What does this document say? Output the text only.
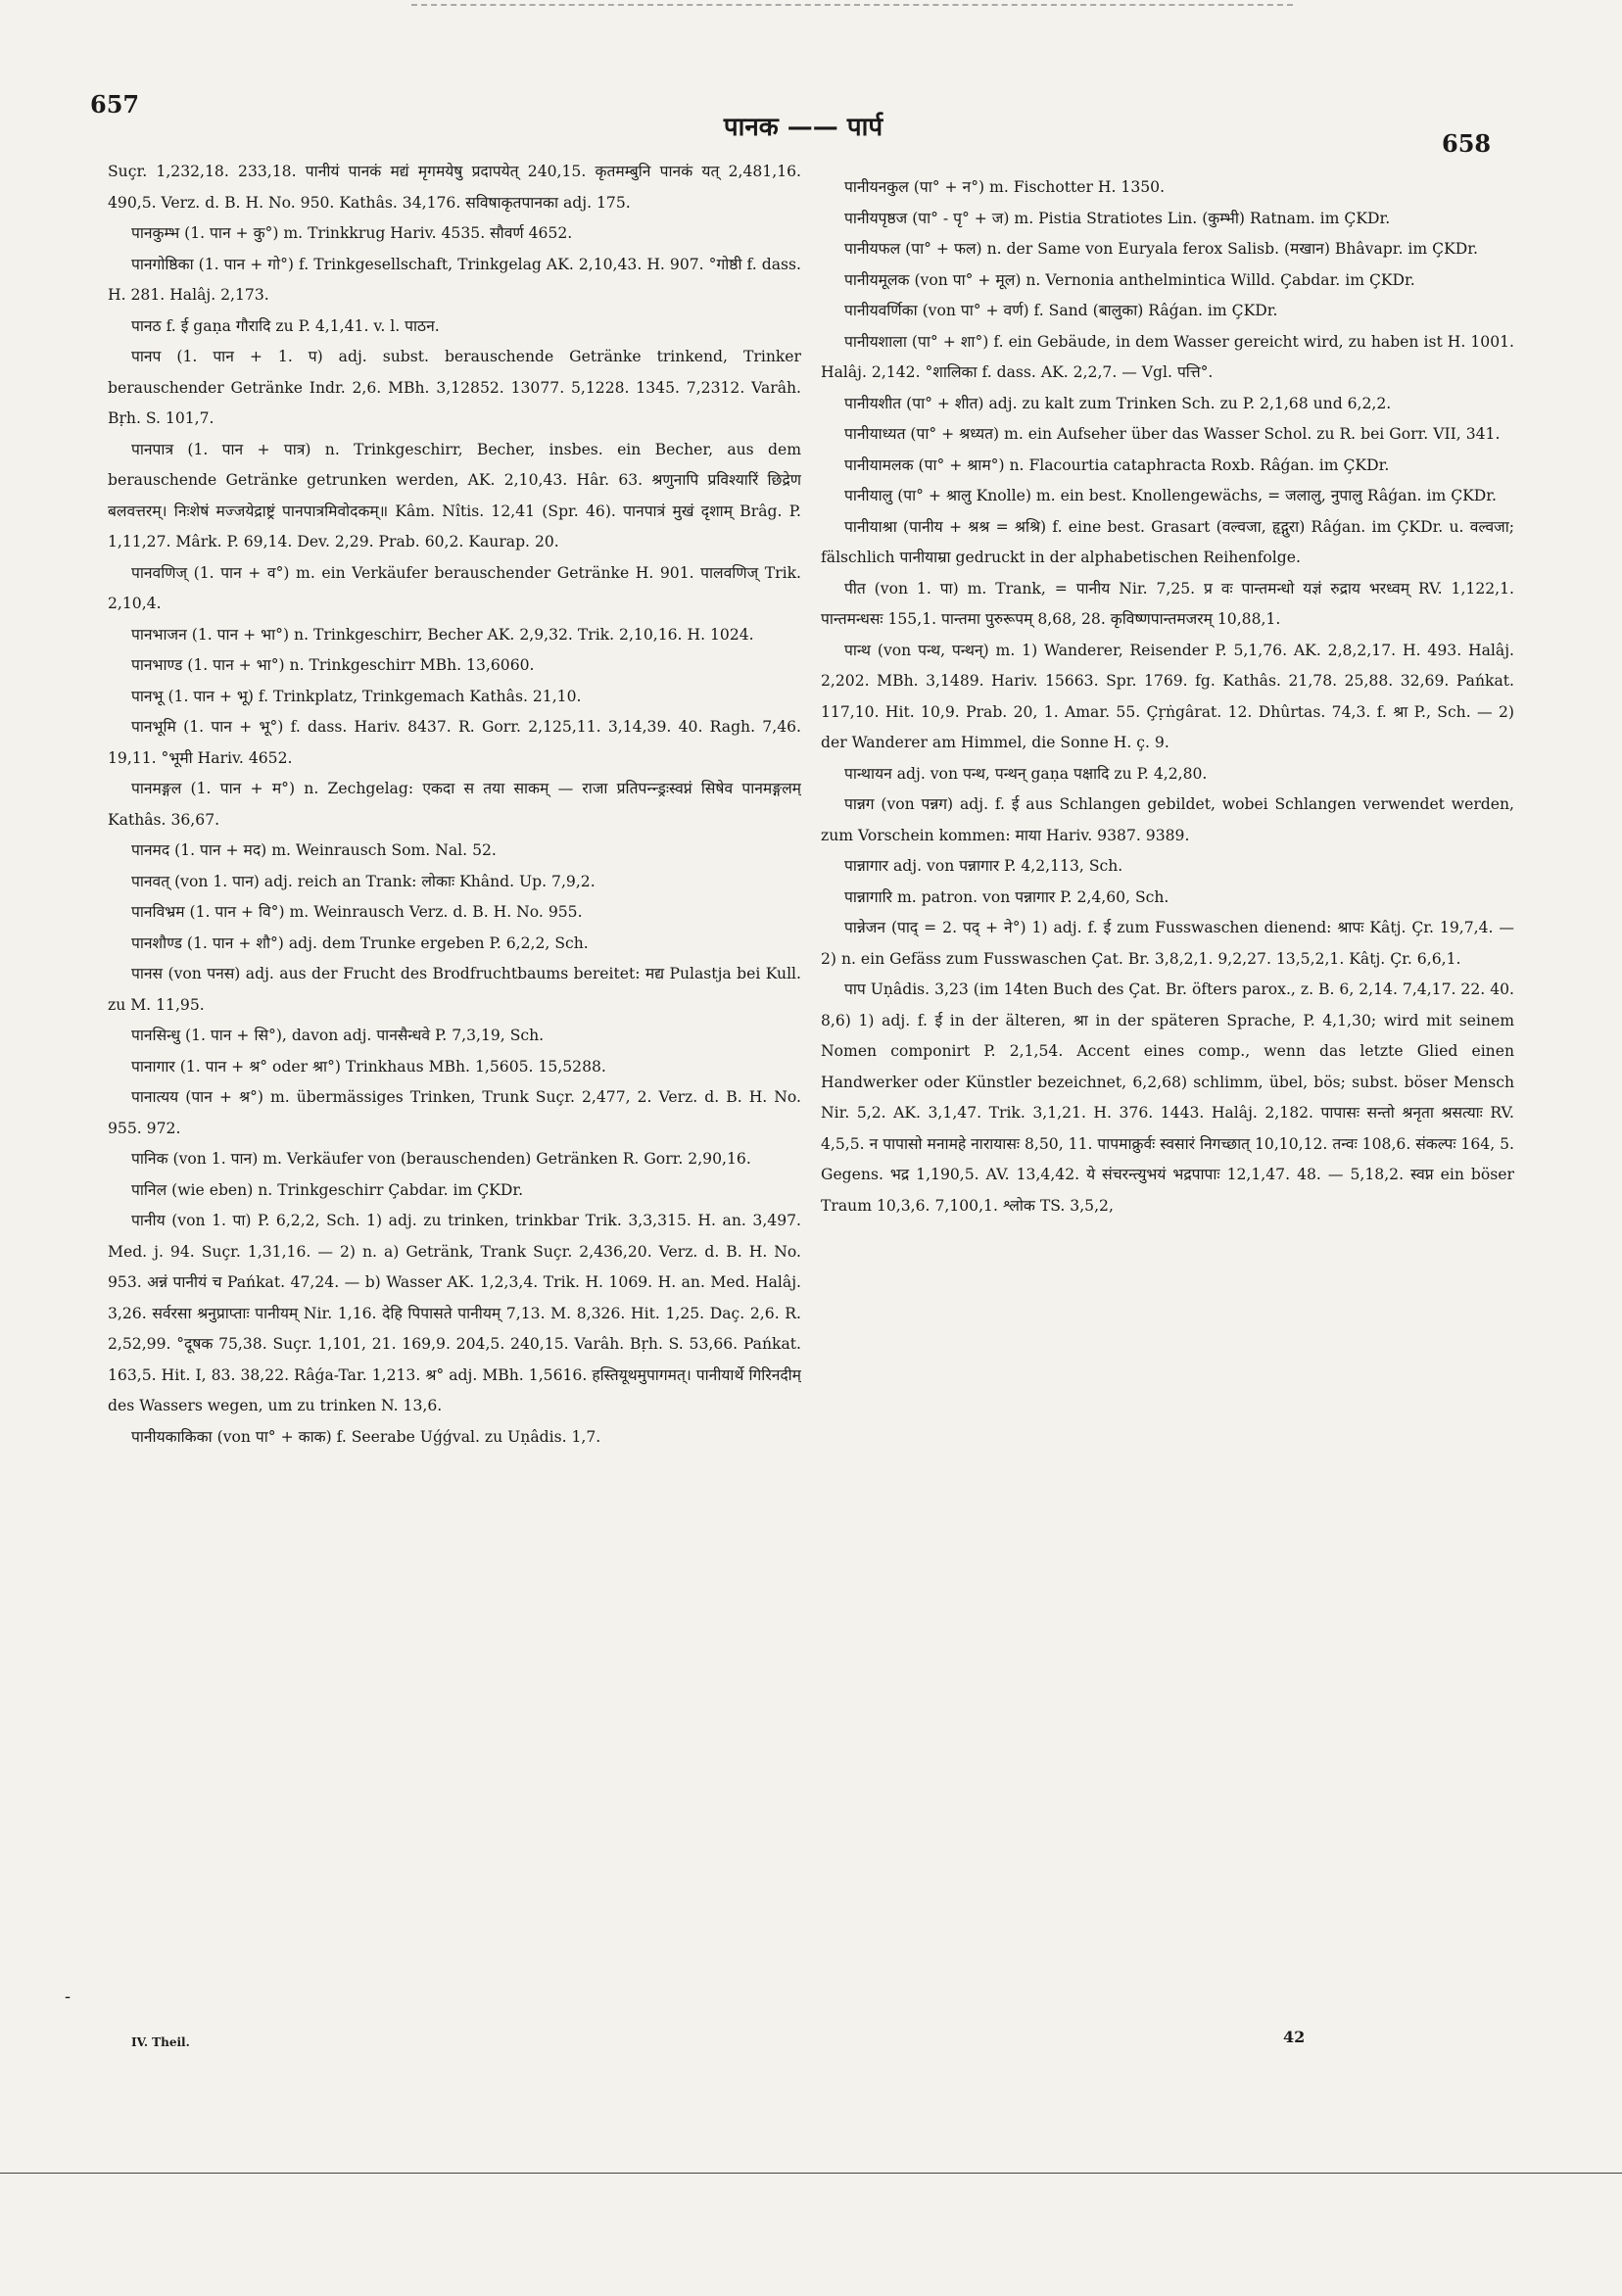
657
पानक —— पार्प
658

Suçr. 1,232,18. 233,18. पानीयं पानकं मद्यं मृगमयेषु प्रदापयेत् 240,15. कृतमम्बुनि पानकं यत् 2,481,16. 490,5. Verz. d. B. H. No. 950. Kathâs. 34,176. सविषाकृतपानका adj. 175.

पानकुम्भ (1. पान + कु°) m. Trinkkrug Hariv. 4535. सौवर्ण 4652.

पानगोष्ठिका (1. पान + गो°) f. Trinkgesellschaft, Trinkgelag AK. 2,10,43. H. 907. °गोष्ठी f. dass. H. 281. Halâj. 2,173.

पानठ f. ई gaṇa गौरादि zu P. 4,1,41. v. l. पाठन.

पानप (1. पान + 1. प) adj. subst. berauschende Getränke trinkend, Trinker berauschender Getränke Indr. 2,6. MBh. 3,12852. 13077. 5,1228. 1345. 7,2312. Varâh. Bṛh. S. 101,7.

पानपात्र (1. पान + पात्र) n. Trinkgeschirr, Becher, insbes. ein Becher, aus dem berauschende Getränke getrunken werden, AK. 2,10,43. Hâr. 63. श्रणुनापि प्रविश्यारिं छिद्रेण बलवत्तरम्। निःशेषं मज्जयेद्राष्ट्रं पानपात्रमिवोदकम्॥ Kâm. Nîtis. 12,41 (Spr. 46). पानपात्रं मुखं दृशाम् Brâg. P. 1,11,27. Mârk. P. 69,14. Dev. 2,29. Prab. 60,2. Kaurap. 20.

पानवणिज् (1. पान + व°) m. ein Verkäufer berauschender Getränke H. 901. पालवणिज् Trik. 2,10,4.

पानभाजन (1. पान + भा°) n. Trinkgeschirr, Becher AK. 2,9,32. Trik. 2,10,16. H. 1024.

पानभाण्ड (1. पान + भा°) n. Trinkgeschirr MBh. 13,6060.

पानभू (1. पान + भू) f. Trinkplatz, Trinkgemach Kathâs. 21,10.

पानभूमि (1. पान + भू°) f. dass. Hariv. 8437. R. Gorr. 2,125,11. 3,14,39. 40. Ragh. 7,46. 19,11. °भूमी Hariv. 4652.

पानमङ्गल (1. पान + म°) n. Zechgelag: एकदा स तया साकम् — राजा प्रतिपन्न्ड्रःस्वप्नं सिषेव पानमङ्गलम् Kathâs. 36,67.

पानमद (1. पान + मद) m. Weinrausch Som. Nal. 52.

पानवत् (von 1. पान) adj. reich an Trank: लोकाः Khând. Up. 7,9,2.

पानविभ्रम (1. पान + वि°) m. Weinrausch Verz. d. B. H. No. 955.

पानशौण्ड (1. पान + शौ°) adj. dem Trunke ergeben P. 6,2,2, Sch.

पानस (von पनस) adj. aus der Frucht des Brodfruchtbaums bereitet: मद्य Pulastja bei Kull. zu M. 11,95.

पानसिन्धु (1. पान + सि°), davon adj. पानसैन्धवे P. 7,3,19, Sch.

पानागार (1. पान + श्र° oder श्रा°) Trinkhaus MBh. 1,5605. 15,5288.

पानात्यय (पान + श्र°) m. übermässiges Trinken, Trunk Suçr. 2,477, 2. Verz. d. B. H. No. 955. 972.

पानिक (von 1. पान) m. Verkäufer von (berauschenden) Getränken R. Gorr. 2,90,16.

पानिल (wie eben) n. Trinkgeschirr Çabdar. im ÇKDr.

पानीय (von 1. पा) P. 6,2,2, Sch. 1) adj. zu trinken, trinkbar Trik. 3,3,315. H. an. 3,497. Med. j. 94. Suçr. 1,31,16. — 2) n. a) Getränk, Trank Suçr. 2,436,20. Verz. d. B. H. No. 953. अन्नं पानीयं च Pańkat. 47,24. — b) Wasser AK. 1,2,3,4. Trik. H. 1069. H. an. Med. Halâj. 3,26. सर्वरसा श्रनुप्राप्ताः पानीयम् Nir. 1,16. देहि पिपासते पानीयम् 7,13. M. 8,326. Hit. 1,25. Daç. 2,6. R. 2,52,99. °दूषक 75,38. Suçr. 1,101, 21. 169,9. 204,5. 240,15. Varâh. Bṛh. S. 53,66. Pańkat. 163,5. Hit. I, 83. 38,22. Râǵa-Tar. 1,213. श्र° adj. MBh. 1,5616. हस्तियूथमुपागमत्। पानीयार्थे गिरिनदीम् des Wassers wegen, um zu trinken N. 13,6.

पानीयकाकिका (von पा° + काक) f. Seerabe Uǵǵval. zu Uṇâdis. 1,7.

पानीयनकुल (पा° + न°) m. Fischotter H. 1350.

पानीयपृष्ठज (पा° - पृ° + ज) m. Pistia Stratiotes Lin. (कुम्भी) Ratnam. im ÇKDr.

पानीयफल (पा° + फल) n. der Same von Euryala ferox Salisb. (मखान) Bhâvapr. im ÇKDr.

पानीयमूलक (von पा° + मूल) n. Vernonia anthelmintica Willd. Çabdar. im ÇKDr.

पानीयवर्णिका (von पा° + वर्ण) f. Sand (बालुका) Râǵan. im ÇKDr.

पानीयशाला (पा° + शा°) f. ein Gebäude, in dem Wasser gereicht wird, zu haben ist H. 1001. Halâj. 2,142. °शालिका f. dass. AK. 2,2,7. — Vgl. पत्ति°.

पानीयशीत (पा° + शीत) adj. zu kalt zum Trinken Sch. zu P. 2,1,68 und 6,2,2.

पानीयाध्यत (पा° + श्रध्यत) m. ein Aufseher über das Wasser Schol. zu R. bei Gorr. VII, 341.

पानीयामलक (पा° + श्राम°) n. Flacourtia cataphracta Roxb. Râǵan. im ÇKDr.

पानीयालु (पा° + श्रालु Knolle) m. ein best. Knollengewächs, = जलालु, नुपालु Râǵan. im ÇKDr.

पानीयाश्रा (पानीय + श्रश्र = श्रश्रि) f. eine best. Grasart (वल्वजा, हृद्गुरा) Râǵan. im ÇKDr. u. वल्वजा; fälschlich पानीयाम्रा gedruckt in der alphabetischen Reihenfolge.

पीत (von 1. पा) m. Trank, = पानीय Nir. 7,25. प्र वः पान्तमन्धो यज्ञं रुद्राय भरध्वम् RV. 1,122,1. पान्तमन्धसः 155,1. पान्तमा पुरुरूपम् 8,68, 28. कृविष्णपान्तमजरम् 10,88,1.

पान्थ (von पन्थ, पन्थन्) m. 1) Wanderer, Reisender P. 5,1,76. AK. 2,8,2,17. H. 493. Halâj. 2,202. MBh. 3,1489. Hariv. 15663. Spr. 1769. fg. Kathâs. 21,78. 25,88. 32,69. Pańkat. 117,10. Hit. 10,9. Prab. 20, 1. Amar. 55. Çṛṅgârat. 12. Dhûrtas. 74,3. f. श्रा P., Sch. — 2) der Wanderer am Himmel, die Sonne H. ç. 9.

पान्थायन adj. von पन्थ, पन्थन् gaṇa पक्षादि zu P. 4,2,80.

पान्नग (von पन्नग) adj. f. ई aus Schlangen gebildet, wobei Schlangen verwendet werden, zum Vorschein kommen: माया Hariv. 9387. 9389.

पान्नागार adj. von पन्नागार P. 4,2,113, Sch.

पान्नागारि m. patron. von पन्नागार P. 2,4,60, Sch.

पान्नेजन (पाद् = 2. पद् + ने°) 1) adj. f. ई zum Fusswaschen dienend: श्रापः Kâtj. Çr. 19,7,4. — 2) n. ein Gefäss zum Fusswaschen Çat. Br. 3,8,2,1. 9,2,27. 13,5,2,1. Kâtj. Çr. 6,6,1.

पाप Uṇâdis. 3,23 (im 14ten Buch des Çat. Br. öfters parox., z. B. 6, 2,14. 7,4,17. 22. 40. 8,6) 1) adj. f. ई in der älteren, श्रा in der späteren Sprache, P. 4,1,30; wird mit seinem Nomen componirt P. 2,1,54. Accent eines comp., wenn das letzte Glied einen Handwerker oder Künstler bezeichnet, 6,2,68) schlimm, übel, bös; subst. böser Mensch Nir. 5,2. AK. 3,1,47. Trik. 3,1,21. H. 376. 1443. Halâj. 2,182. पापासः सन्तो श्रनृता श्रसत्याः RV. 4,5,5. न पापासो मनामहे नारायासः 8,50, 11. पापमाक्रुर्वः स्वसारं निगच्छात् 10,10,12. तन्वः 108,6. संकल्पः 164, 5. Gegens. भद्र 1,190,5. AV. 13,4,42. ये संचरन्त्युभयं भद्रपापाः 12,1,47. 48. — 5,18,2. स्वप्न ein böser Traum 10,3,6. 7,100,1. श्लोक TS. 3,5,2,

-
IV. Theil.	42
